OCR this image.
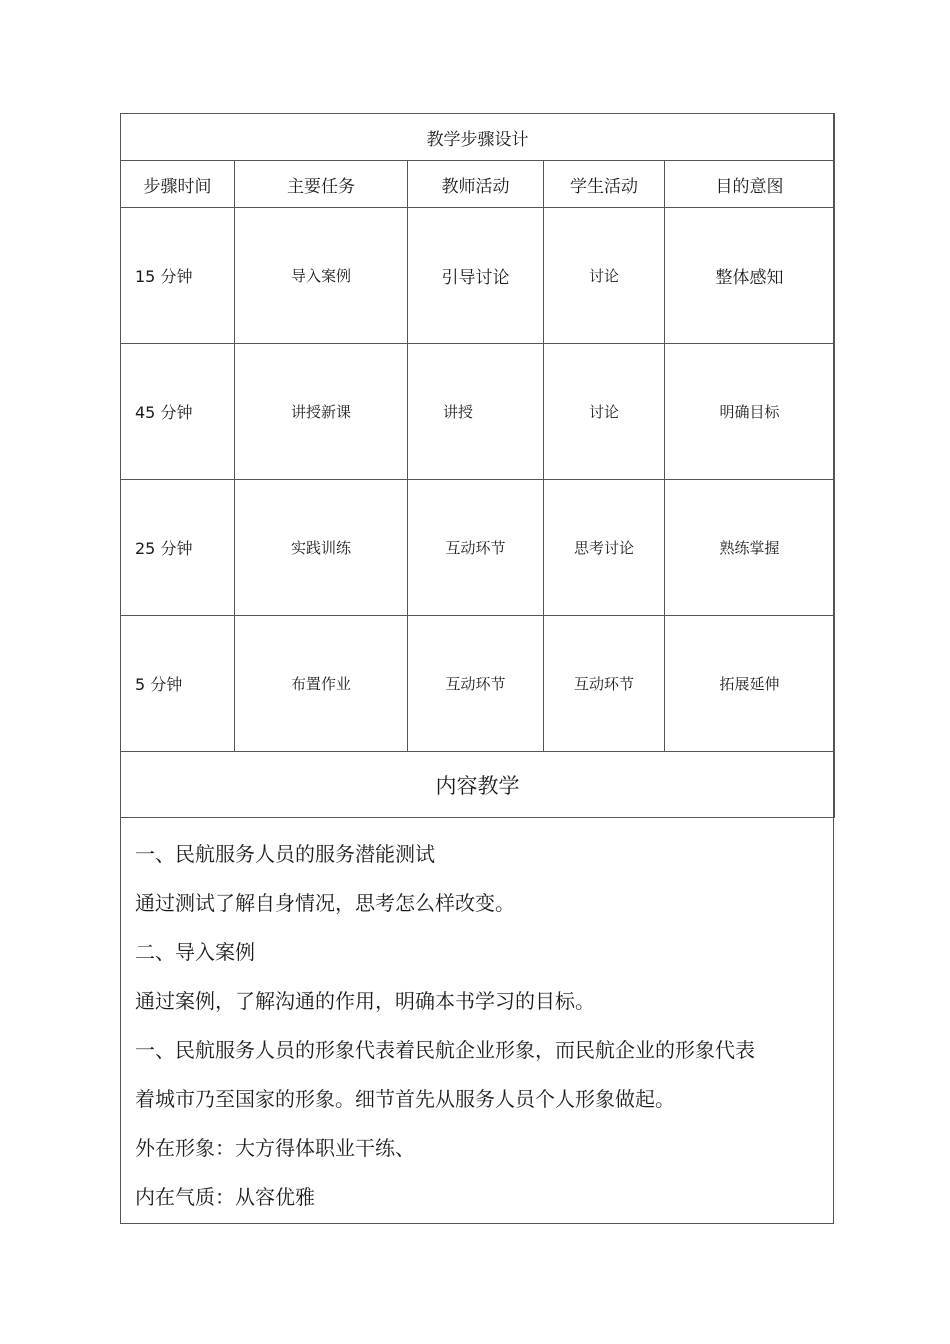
教学步骤设计				
步骤时间	主要任务	教师活动	学生活动	目的意图
15 分钟	导入案例	引导讨论	讨论	整体感知
45 分钟	讲授新课	讲授	讨论	明确目标
25 分钟	实践训练	互动环节	思考讨论	熟练掌握
5 分钟	布置作业	互动环节	互动环节	拓展延伸
内容教学				

一、民航服务人员的服务潜能测试

通过测试了解自身情况，思考怎么样改变。

二、导入案例

通过案例，了解沟通的作用，明确本书学习的目标。

一、民航服务人员的形象代表着民航企业形象，而民航企业的形象代表

着城市乃至国家的形象。细节首先从服务人员个人形象做起。

外在形象：大方得体职业干练、

内在气质：从容优雅
